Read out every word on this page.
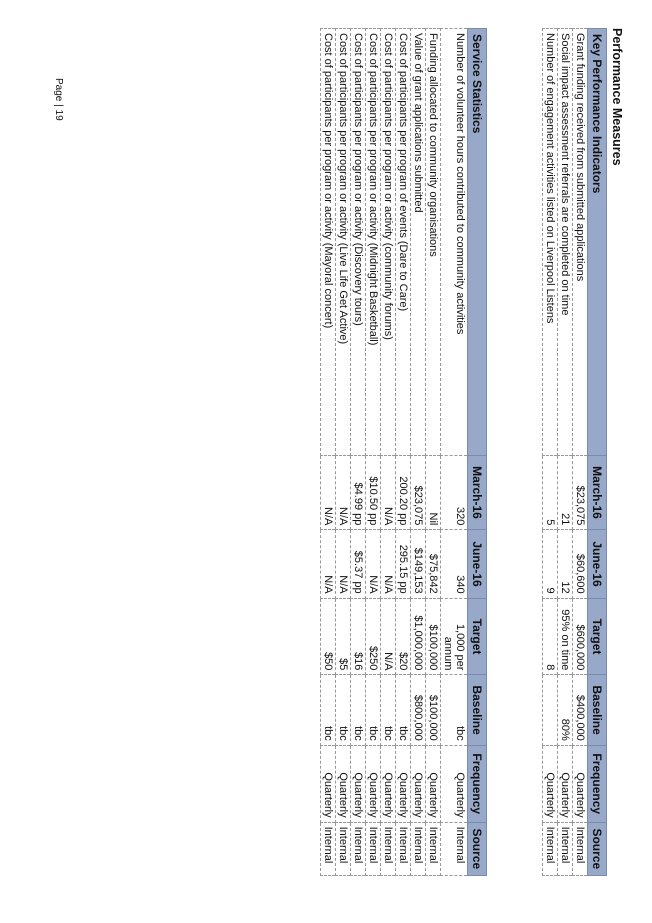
Performance Measures
Key Performance Indicators	March-16	June-16	Target	Baseline	Frequency	Source
Grant funding received from submitted applications	$23,075	$60,600	$600,000	$400,000	Quarterly	Internal
Social impact assessment referrals are completed on time	21	12	95% on time	80%	Quarterly	Internal
Number of engagement activities listed on Liverpool Listens	5	9	8		Quarterly	Internal
Service Statistics	March-16	June-16	Target	Baseline	Frequency	Source
Number of volunteer hours contributed to community activities	320	340	1,000 per annum	tbc	Quarterly	Internal
Funding allocated to community organisations	Nil	$75,842	$100,000	$100,000	Quarterly	Internal
Value of grant applications submitted	$23,075	$149,153	$1,000,000	$800,000	Quarterly	Internal
Cost of participants per program of events (Dare to Care)	200.20 pp	295.15 pp	$20	tbc	Quarterly	Internal
Cost of participants per program or activity (community forums)	N/A	N/A	N/A	tbc	Quarterly	Internal
Cost of participants per program or activity (Midnight Basketball)	$10.50 pp	N/A	$250	tbc	Quarterly	Internal
Cost of participants per program or activity (Discovery tours)	$4.99 pp	$5.37 pp	$16	tbc	Quarterly	Internal
Cost of participants per program or activity (Live Life Get Active)	N/A	N/A	$5	tbc	Quarterly	Internal
Cost of participants per program or activity (Mayoral concert)	N/A	N/A	$50	tbc	Quarterly	Internal
Page | 19
